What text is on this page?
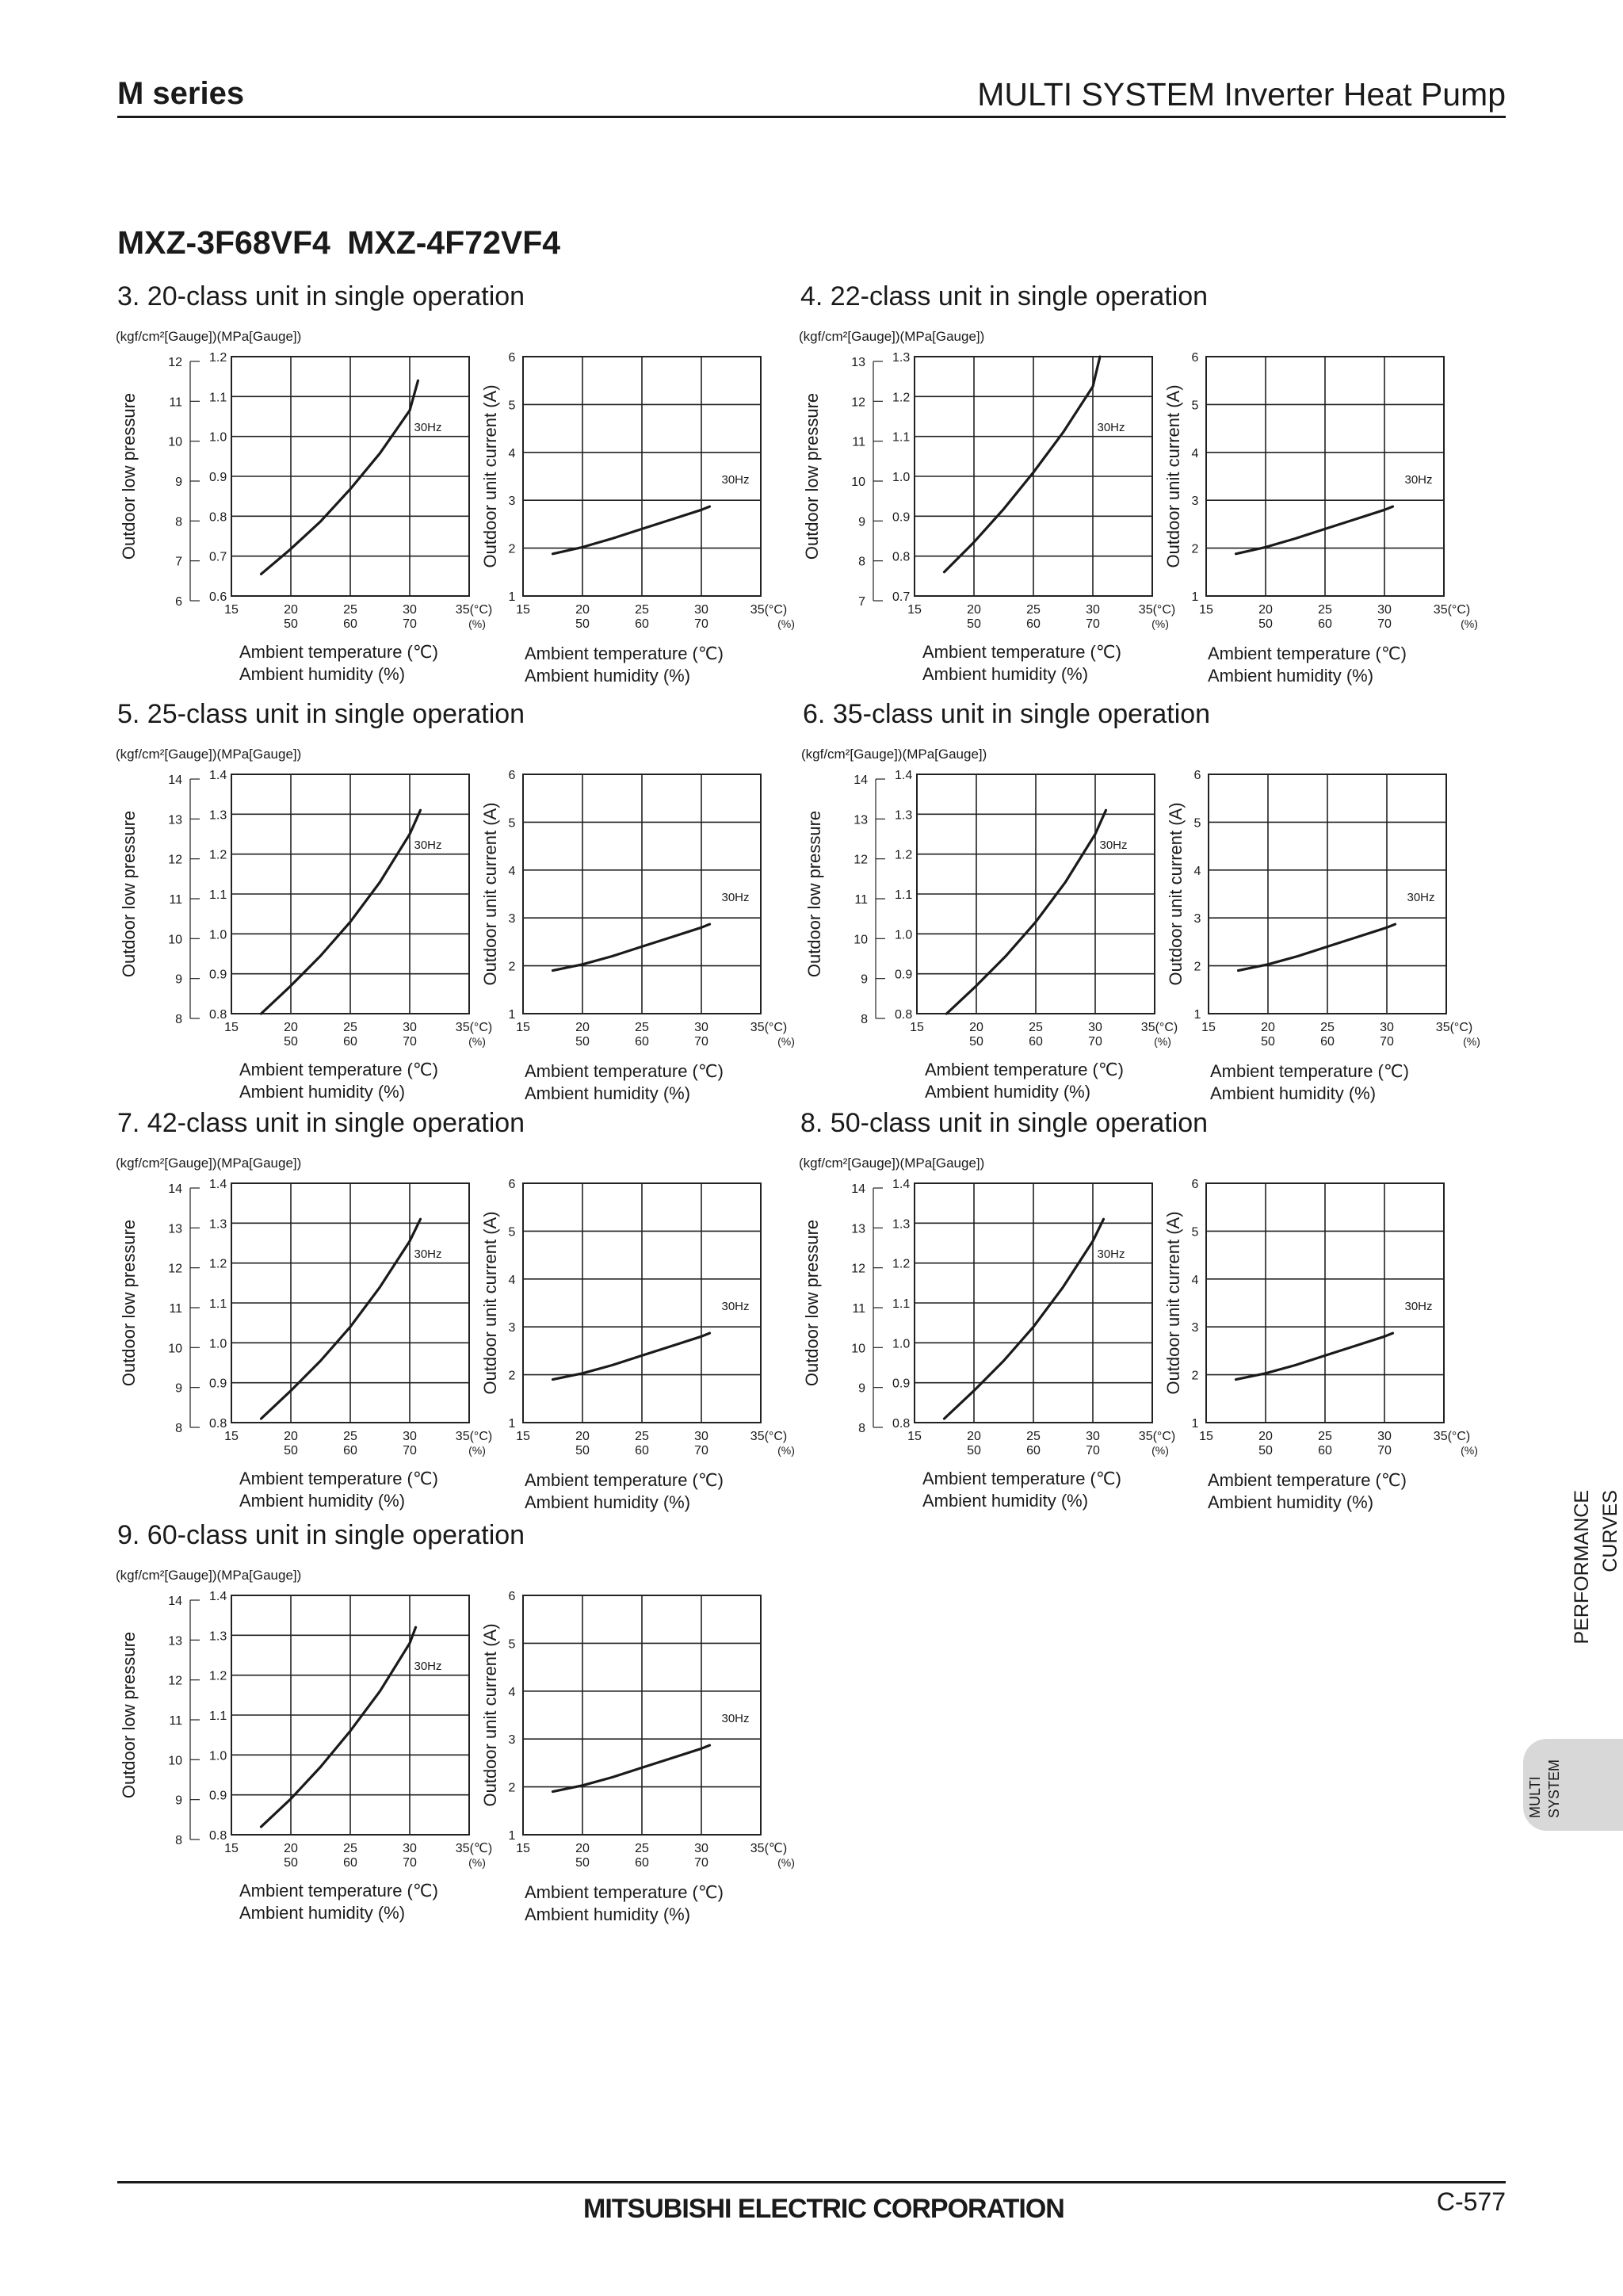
M series	MULTI SYSTEM Inverter Heat Pump
MXZ-3F68VF4 MXZ-4F72VF4
3. 20-class unit in single operation
(kgf/cm²[Gauge])(MPa[Gauge])
12
11
10
9
8
7
6
1.2
1.1
1.0
0.9
0.8
0.7
0.6
Outdoor low pressure	30Hz
15	20	25	30	35(°C)
50	60	70	(%)
Ambient temperature (℃)
Ambient humidity (%)
6
5
4
3
2
1
Outdoor unit current (A)	30Hz
15	20	25	30	35(°C)
50	60	70	(%)
Ambient temperature (℃)
Ambient humidity (%)
4. 22-class unit in single operation
(kgf/cm²[Gauge])(MPa[Gauge])
13
12
11
10
9
8
7
1.3
1.2
1.1
1.0
0.9
0.8
0.7
Outdoor low pressure	30Hz
15	20	25	30	35(°C)
50	60	70	(%)
Ambient temperature (℃)
Ambient humidity (%)
6
5
4
3
2
1
Outdoor unit current (A)	30Hz
15	20	25	30	35(°C)
50	60	70	(%)
Ambient temperature (℃)
Ambient humidity (%)
5. 25-class unit in single operation
(kgf/cm²[Gauge])(MPa[Gauge])
14
13
12
11
10
9
8
1.4
1.3
1.2
1.1
1.0
0.9
0.8
Outdoor low pressure	30Hz
15	20	25	30	35(°C)
50	60	70	(%)
Ambient temperature (℃)
Ambient humidity (%)
6
5
4
3
2
1
Outdoor unit current (A)	30Hz
15	20	25	30	35(°C)
50	60	70	(%)
Ambient temperature (℃)
Ambient humidity (%)
6. 35-class unit in single operation
(kgf/cm²[Gauge])(MPa[Gauge])
14
13
12
11
10
9
8
1.4
1.3
1.2
1.1
1.0
0.9
0.8
Outdoor low pressure	30Hz
15	20	25	30	35(°C)
50	60	70	(%)
Ambient temperature (℃)
Ambient humidity (%)
6
5
4
3
2
1
Outdoor unit current (A)	30Hz
15	20	25	30	35(°C)
50	60	70	(%)
Ambient temperature (℃)
Ambient humidity (%)
7. 42-class unit in single operation
(kgf/cm²[Gauge])(MPa[Gauge])
14
13
12
11
10
9
8
1.4
1.3
1.2
1.1
1.0
0.9
0.8
Outdoor low pressure	30Hz
15	20	25	30	35(°C)
50	60	70	(%)
Ambient temperature (℃)
Ambient humidity (%)
6
5
4
3
2
1
Outdoor unit current (A)	30Hz
15	20	25	30	35(°C)
50	60	70	(%)
Ambient temperature (℃)
Ambient humidity (%)
8. 50-class unit in single operation
(kgf/cm²[Gauge])(MPa[Gauge])
14
13
12
11
10
9
8
1.4
1.3
1.2
1.1
1.0
0.9
0.8
Outdoor low pressure	30Hz
15	20	25	30	35(°C)
50	60	70	(%)
Ambient temperature (℃)
Ambient humidity (%)
6
5
4
3
2
1
Outdoor unit current (A)	30Hz
15	20	25	30	35(°C)
50	60	70	(%)
Ambient temperature (℃)
Ambient humidity (%)
9. 60-class unit in single operation
(kgf/cm²[Gauge])(MPa[Gauge])
14
13
12
11
10
9
8
1.4
1.3
1.2
1.1
1.0
0.9
0.8
Outdoor low pressure	30Hz
15	20	25	30	35(℃)
50	60	70	(%)
Ambient temperature (℃)
Ambient humidity (%)
6
5
4
3
2
1
Outdoor unit current (A)	30Hz
15	20	25	30	35(℃)
50	60	70	(%)
Ambient temperature (℃)
Ambient humidity (%)
PERFORMANCE CURVES
MULTI SYSTEM
MITSUBISHI ELECTRIC CORPORATION	C-577
